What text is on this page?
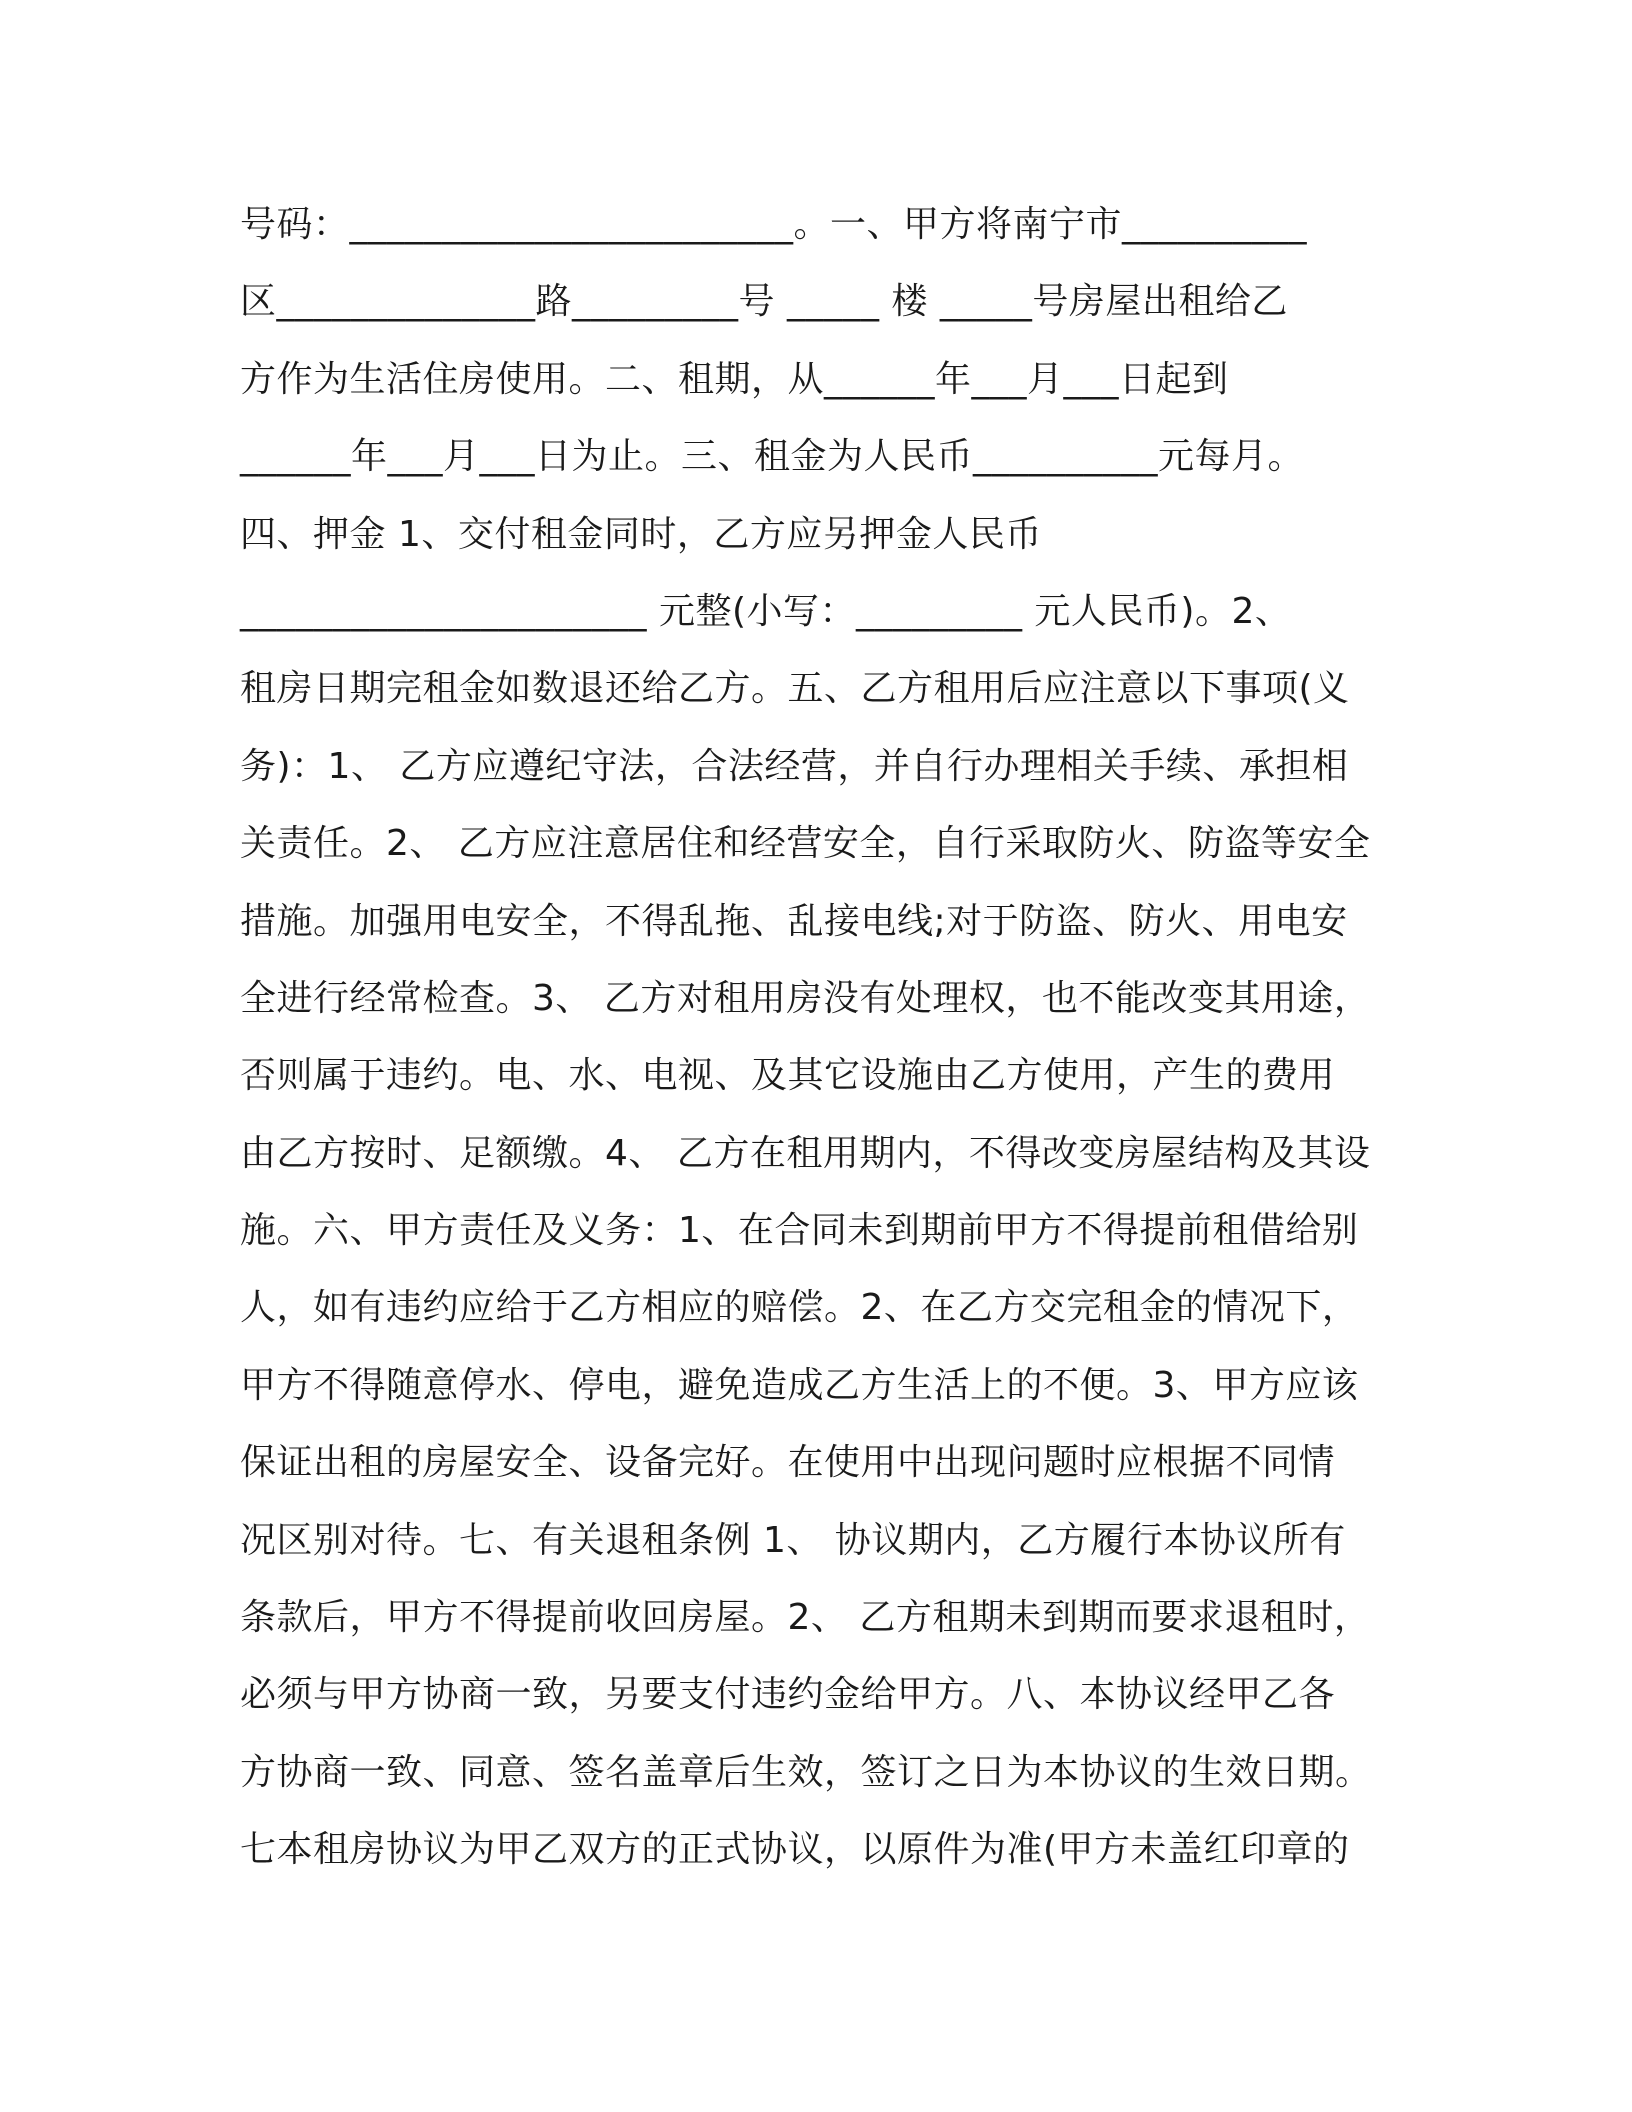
号码：________________________。一、甲方将南宁市__________
区______________路_________号 _____ 楼 _____号房屋出租给乙
方作为生活住房使用。二、租期，从______年___月___日起到
______年___月___日为止。三、租金为人民币__________元每月。
四、押金 1、交付租金同时，乙方应另押金人民币
______________________ 元整(小写：_________ 元人民币)。2、
租房日期完租金如数退还给乙方。五、乙方租用后应注意以下事项(义
务)：1、 乙方应遵纪守法，合法经营，并自行办理相关手续、承担相
关责任。2、 乙方应注意居住和经营安全，自行采取防火、防盗等安全
措施。加强用电安全，不得乱拖、乱接电线;对于防盗、防火、用电安
全进行经常检查。3、 乙方对租用房没有处理权，也不能改变其用途，
否则属于违约。电、水、电视、及其它设施由乙方使用，产生的费用
由乙方按时、足额缴。4、 乙方在租用期内，不得改变房屋结构及其设
施。六、甲方责任及义务：1、在合同未到期前甲方不得提前租借给别
人，如有违约应给于乙方相应的赔偿。2、在乙方交完租金的情况下，
甲方不得随意停水、停电，避免造成乙方生活上的不便。3、甲方应该
保证出租的房屋安全、设备完好。在使用中出现问题时应根据不同情
况区别对待。七、有关退租条例 1、 协议期内，乙方履行本协议所有
条款后，甲方不得提前收回房屋。2、 乙方租期未到期而要求退租时，
必须与甲方协商一致，另要支付违约金给甲方。八、本协议经甲乙各
方协商一致、同意、签名盖章后生效，签订之日为本协议的生效日期。
七本租房协议为甲乙双方的正式协议，以原件为准(甲方未盖红印章的
